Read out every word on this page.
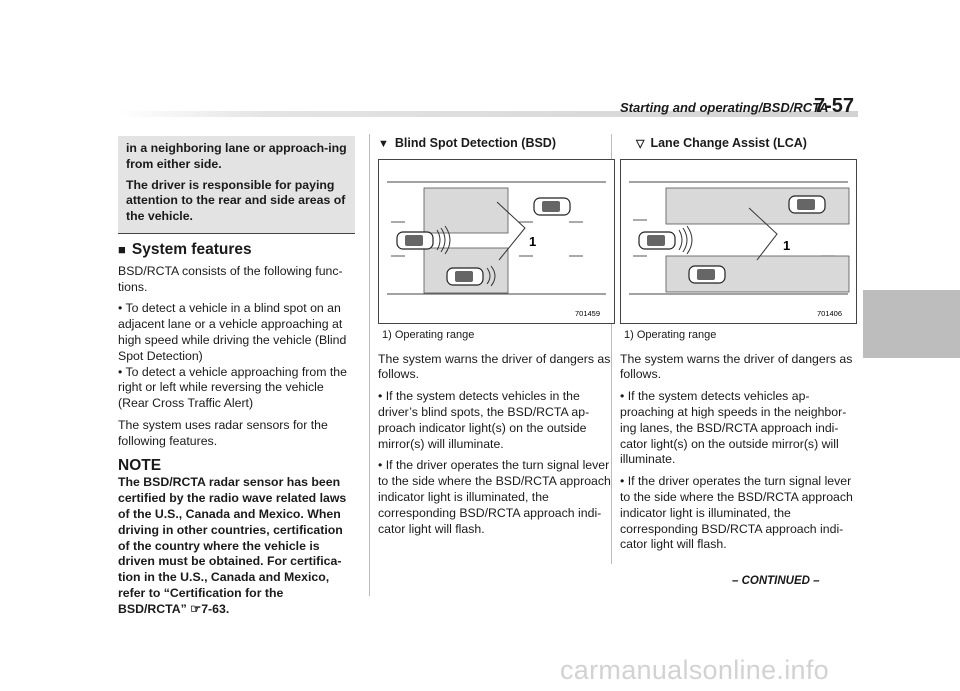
Starting and operating/BSD/RCTA
7-57

in a neighboring lane or approach-ing from either side.

The driver is responsible for paying attention to the rear and side areas of the vehicle.

■ System features

BSD/RCTA consists of the following func-tions.

• To detect a vehicle in a blind spot on an adjacent lane or a vehicle approaching at high speed while driving the vehicle (Blind Spot Detection)

• To detect a vehicle approaching from the right or left while reversing the vehicle (Rear Cross Traffic Alert)

The system uses radar sensors for the following features.

NOTE

The BSD/RCTA radar sensor has been certified by the radio wave related laws of the U.S., Canada and Mexico. When driving in other countries, certification of the country where the vehicle is driven must be obtained. For certifica-tion in the U.S., Canada and Mexico, refer to “Certification for the BSD/RCTA” ☞7-63.

▼ Blind Spot Detection (BSD)
1
701459
1) Operating range

The system warns the driver of dangers as follows.

• If the system detects vehicles in the driver’s blind spots, the BSD/RCTA ap-proach indicator light(s) on the outside mirror(s) will illuminate.

• If the driver operates the turn signal lever to the side where the BSD/RCTA approach indicator light is illuminated, the corresponding BSD/RCTA approach indi-cator light will flash.

▽ Lane Change Assist (LCA)
1
701406
1) Operating range

The system warns the driver of dangers as follows.

• If the system detects vehicles ap-proaching at high speeds in the neighbor-ing lanes, the BSD/RCTA approach indi-cator light(s) on the outside mirror(s) will illuminate.

• If the driver operates the turn signal lever to the side where the BSD/RCTA approach indicator light is illuminated, the corresponding BSD/RCTA approach indi-cator light will flash.

– CONTINUED –
carmanualsonline.info
